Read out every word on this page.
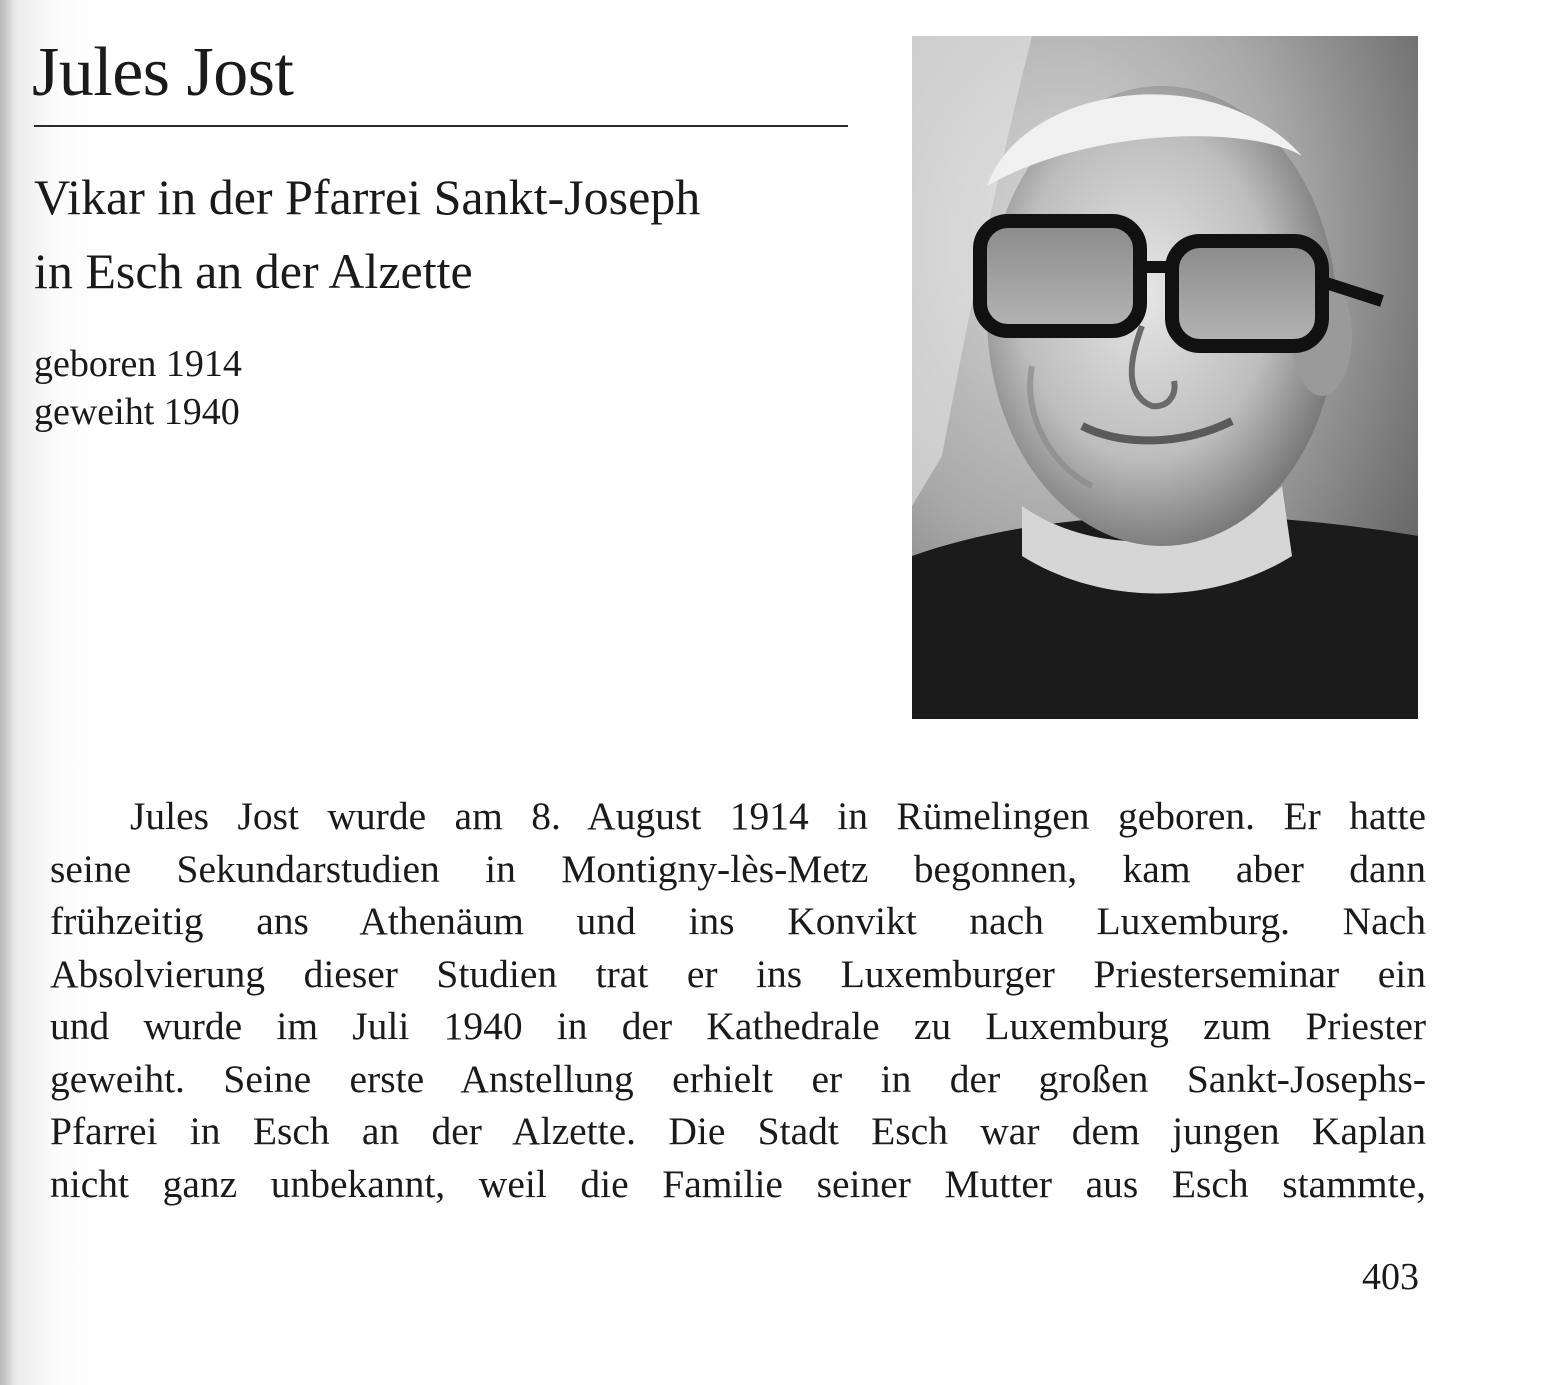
Jules Jost
Vikar in der Pfarrei Sankt-Joseph
in Esch an der Alzette
geboren 1914
geweiht 1940
Jules Jost wurde am 8. August 1914 in Rümelingen geboren. Er hatte
seine Sekundarstudien in Montigny-lès-Metz begonnen, kam aber dann
frühzeitig ans Athenäum und ins Konvikt nach Luxemburg. Nach
Absolvierung dieser Studien trat er ins Luxemburger Priesterseminar ein
und wurde im Juli 1940 in der Kathedrale zu Luxemburg zum Priester
geweiht. Seine erste Anstellung erhielt er in der großen Sankt-Josephs-
Pfarrei in Esch an der Alzette. Die Stadt Esch war dem jungen Kaplan
nicht ganz unbekannt, weil die Familie seiner Mutter aus Esch stammte,
403
